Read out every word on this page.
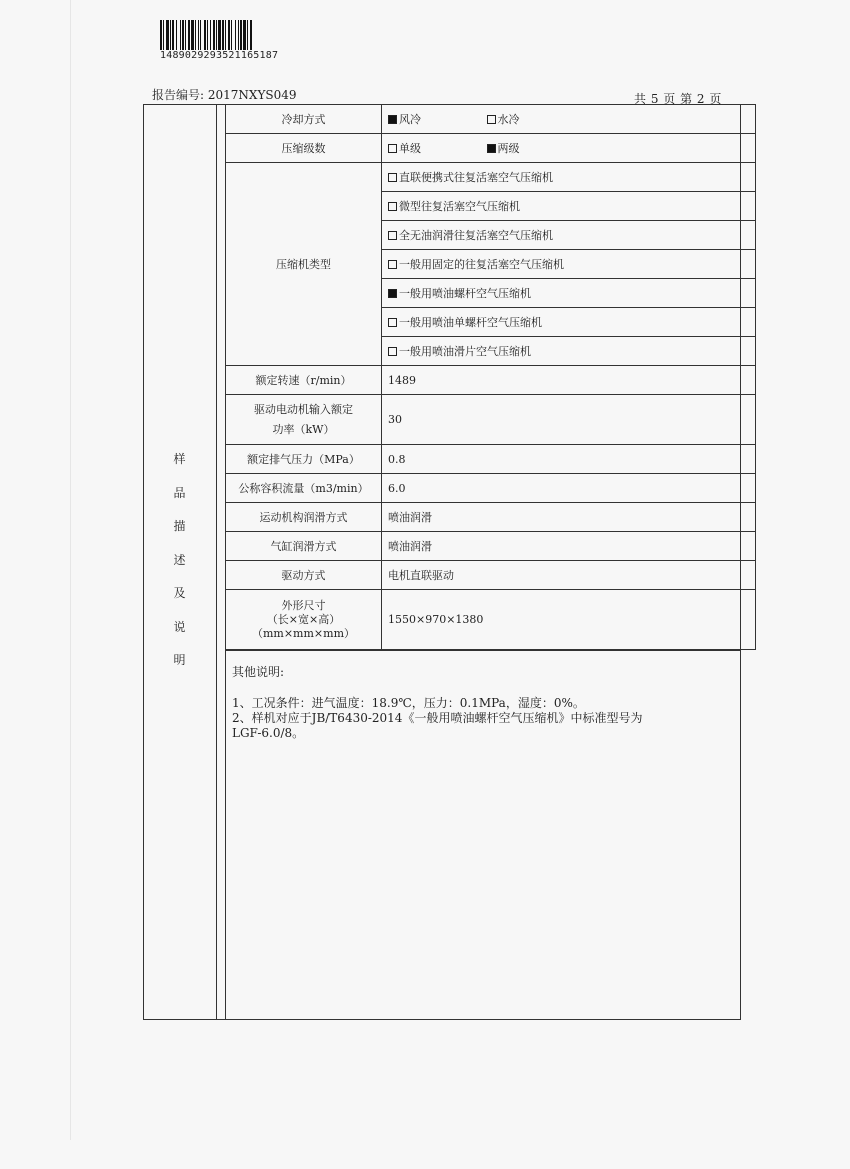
1489029293521165187
报告编号: 2017NXYS049	共 5 页 第 2 页
样
品
描
述
及
说
明
冷却方式	风冷 水冷
压缩级数	单级 两级
压缩机类型	直联便携式往复活塞空气压缩机
	微型往复活塞空气压缩机
	全无油润滑往复活塞空气压缩机
	一般用固定的往复活塞空气压缩机
	一般用喷油螺杆空气压缩机
	一般用喷油单螺杆空气压缩机
	一般用喷油滑片空气压缩机
额定转速（r/min）	1489

驱动电动机输入额定
功率（kW）	30
额定排气压力（MPa）	0.8
公称容积流量（m3/min）	6.0
运动机构润滑方式	喷油润滑
气缸润滑方式	喷油润滑
驱动方式	电机直联驱动

外形尺寸
（长×宽×高）
（mm×mm×mm）	1550×970×1380
其他说明:
1、工况条件：进气温度：18.9℃，压力：0.1MPa，湿度：0%。
2、样机对应于JB/T6430-2014《一般用喷油螺杆空气压缩机》中标准型号为
LGF-6.0/8。
